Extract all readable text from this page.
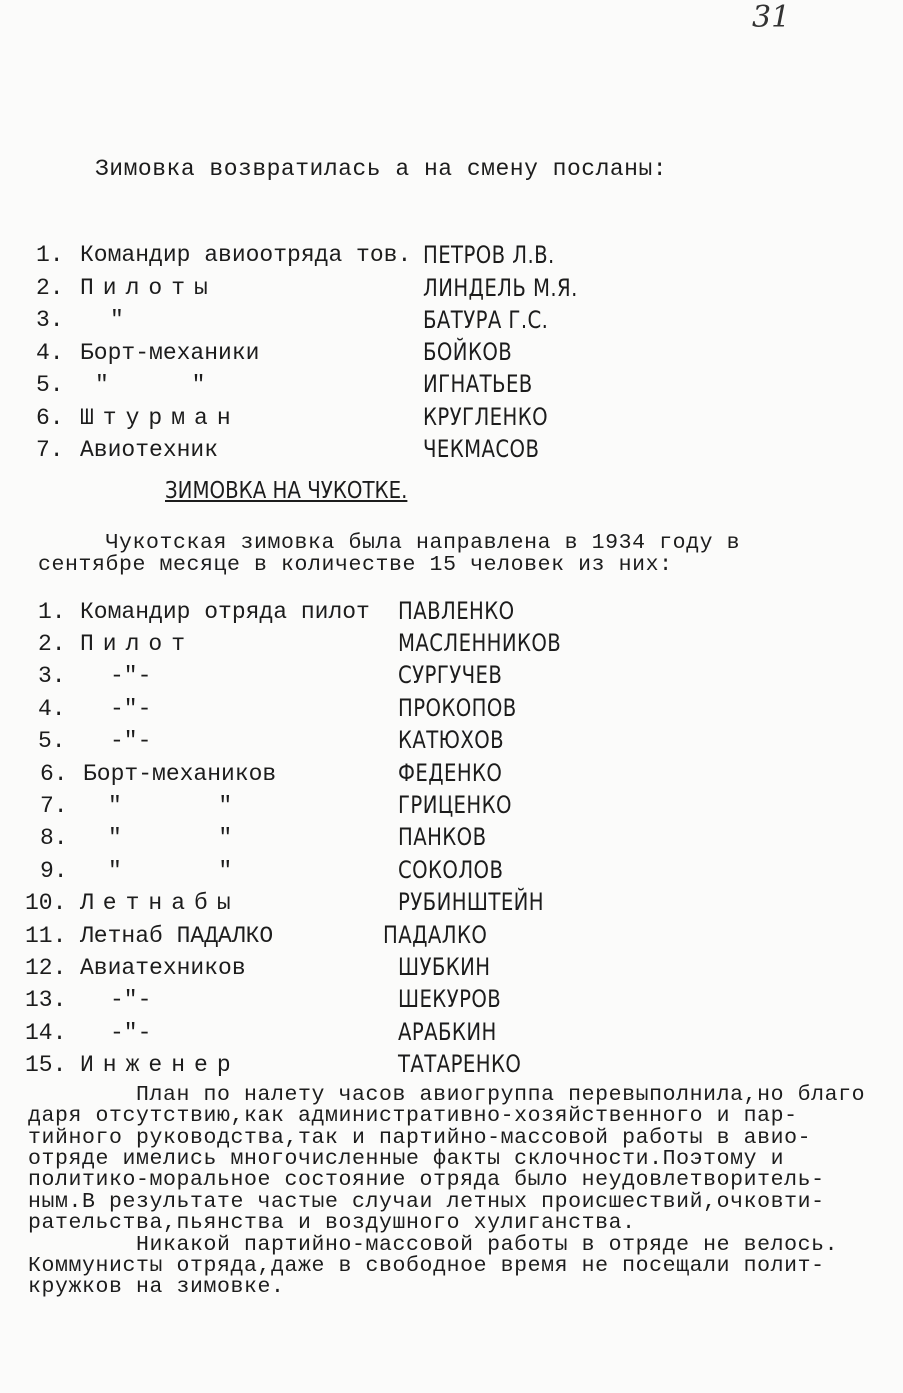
31
Зимовка возвратилась а на смену посланы:
1. Командир авиоотряда тов. ПЕТРОВ Л.В.
2. Пилоты	ЛИНДЕЛЬ М.Я.
3. "	БАТУРА Г.С.
4. Борт-механики	БОЙКОВ
5. "      "	ИГНАТЬЕВ
6. Штурман	КРУГЛЕНКО
7. Авиотехник	ЧЕКМАСОВ
ЗИМОВКА НА ЧУКОТКЕ.
Чукотская зимовка была направлена в 1934 году в
сентябре месяце в количестве 15 человек из них:
1. Командир отряда пилот ПАВЛЕНКО
2. Пилот	МАСЛЕННИКОВ
3. -"-	СУРГУЧЕВ
4. -"-	ПРОКОПОВ
5. -"-	КАТЮХОВ
6. Борт-механиков	ФЕДЕНКО
7. "       "	ГРИЦЕНКО
8. "       "	ПАНКОВ
9. "       "	СОКОЛОВ
10. Летнабы	РУБИНШТЕЙН
11. Летнаб ПАДАЛКО	ПАДАЛКО
12. Авиатехников	ШУБКИН
13. -"-	ШЕКУРОВ
14. -"-	АРАБКИН
15. Инженер	ТАТАРЕНКО
План по налету часов авиогруппа перевыполнила,но благо
даря отсутствию,как административно-хозяйственного и пар-
тийного руководства,так и партийно-массовой работы в авио-
отряде имелись многочисленные факты склочности.Поэтому и
политико-моральное состояние отряда было неудовлетворитель-
ным.В результате частые случаи летных происшествий,очковти-
рательства,пьянства и воздушного хулиганства.
Никакой партийно-массовой работы в отряде не велось.
Коммунисты отряда,даже в свободное время не посещали полит-
кружков на зимовке.
